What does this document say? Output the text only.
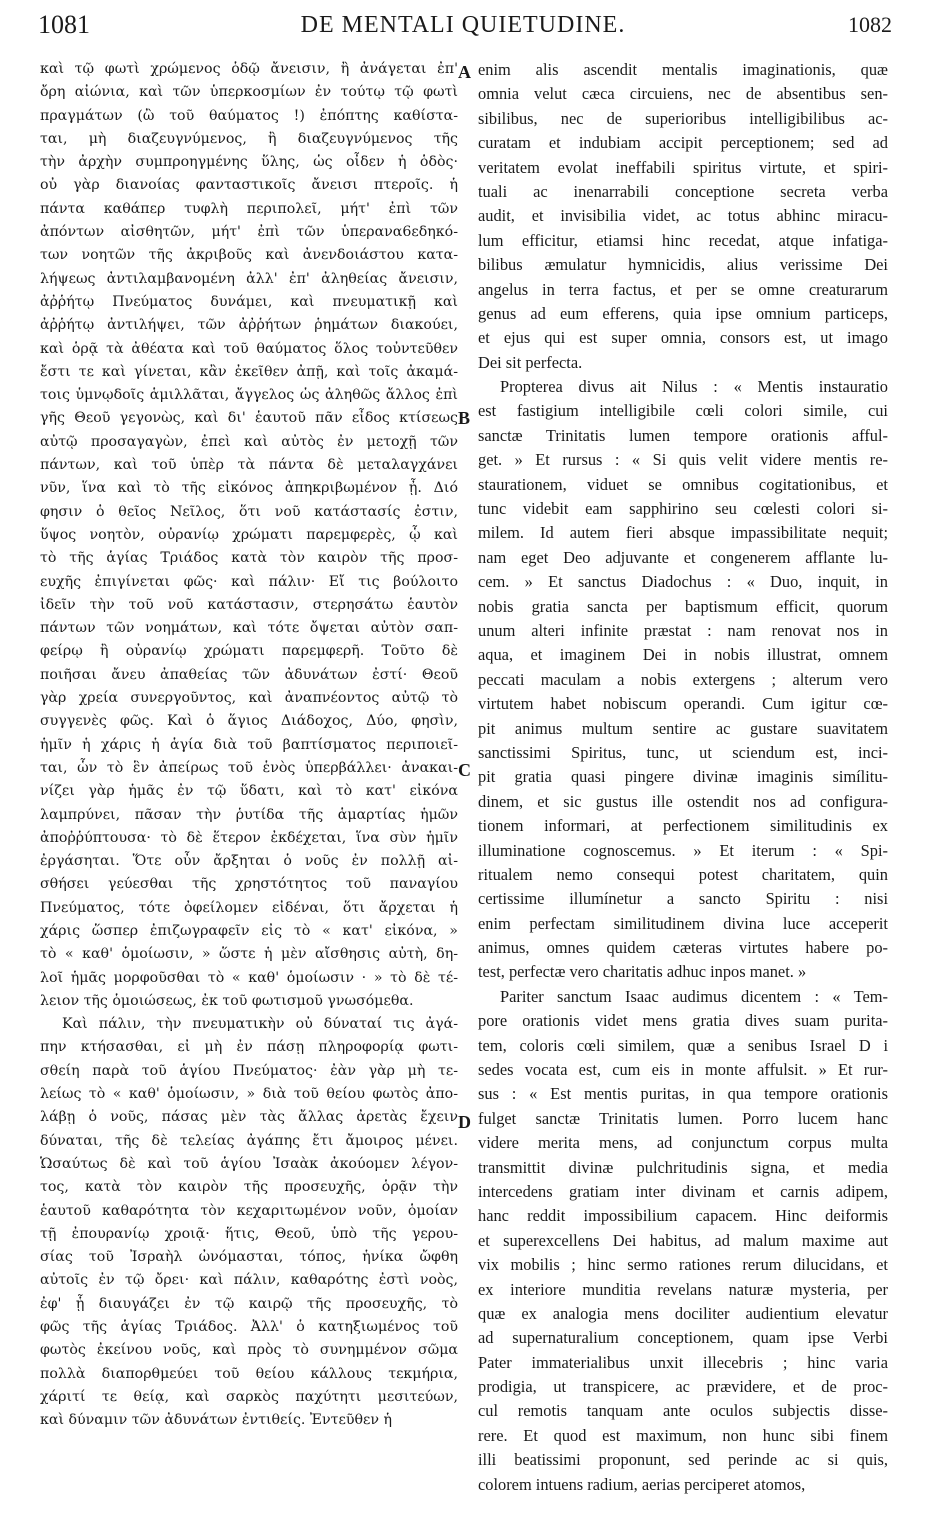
1081	DE MENTALI QUIETUDINE.	1082
καὶ τῷ φωτὶ χρώμενος ὁδῷ ἄνεισιν, ἢ ἀνάγεται ἐπ'
ὄρη αἰώνια, καὶ τῶν ὑπερκοσμίων ἐν τούτῳ τῷ φωτὶ
πραγμάτων (ὢ τοῦ θαύματος !) ἐπόπτης καθίστα-
ται, μὴ διαζευγνύμενος, ἢ διαζευγνύμενος τῆς
τὴν ἀρχὴν συμπροηγμένης ὕλης, ὡς οἶδεν ἡ ὁδὸς·
οὐ γὰρ διανοίας φανταστικοῖς ἄνεισι πτεροῖς. ἡ
πάντα καθάπερ τυφλὴ περιπολεῖ, μήτ' ἐπὶ τῶν
ἀπόντων αἰσθητῶν, μήτ' ἐπὶ τῶν ὑπερανα6εδηκό-
των νοητῶν τῆς ἀκριβοῦς καὶ ἀνενδοιάστου κατα-
λήψεως ἀντιλαμβανομένη ἀλλ' ἐπ' ἀληθείας ἄνεισιν,
ἀῤῥήτῳ Πνεύματος δυνάμει, καὶ πνευματικῇ καὶ
ἀῤῥήτῳ ἀντιλήψει, τῶν ἀῤῥήτων ῥημάτων διακούει,
καὶ ὁρᾷ τὰ ἀθέατα καὶ τοῦ θαύματος ὅλος τοὐντεῦθεν
ἔστι τε καὶ γίνεται, κἂν ἐκεῖθεν ἀπῇ, καὶ τοῖς ἀκαμά-
τοις ὑμνῳδοῖς ἁμιλλᾶται, ἄγγελος ὡς ἀληθῶς ἄλλος ἐπὶ
γῆς Θεοῦ γεγονὼς, καὶ δι' ἑαυτοῦ πᾶν εἶδος κτίσεως
αὐτῷ προσαγαγὼν, ἐπεὶ καὶ αὐτὸς ἐν μετοχῇ τῶν
πάντων, καὶ τοῦ ὑπὲρ τὰ πάντα δὲ μεταλαγχάνει
νῦν, ἵνα καὶ τὸ τῆς εἰκόνος ἀπηκριβωμένον ᾖ. Διό
φησιν ὁ θεῖος Νεῖλος, ὅτι νοῦ κατάστασίς ἐστιν,
ὕψος νοητὸν, οὐρανίῳ χρώματι παρεμφερὲς, ᾧ καὶ
τὸ τῆς ἁγίας Τριάδος κατὰ τὸν καιρὸν τῆς προσ-
ευχῆς ἐπιγίνεται φῶς· καὶ πάλιν· Εἴ τις βούλοιτο
ἰδεῖν τὴν τοῦ νοῦ κατάστασιν, στερησάτω ἑαυτὸν
πάντων τῶν νοημάτων, καὶ τότε ὄψεται αὐτὸν σαπ-
φείρῳ ἢ οὐρανίῳ χρώματι παρεμφερῆ. Τοῦτο δὲ
ποιῆσαι ἄνευ ἀπαθείας τῶν ἀδυνάτων ἐστί· Θεοῦ
γὰρ χρεία συνεργοῦντος, καὶ ἀναπνέοντος αὐτῷ τὸ
συγγενὲς φῶς. Καὶ ὁ ἅγιος Διάδοχος, Δύο, φησὶν,
ἡμῖν ἡ χάρις ἡ ἁγία διὰ τοῦ βαπτίσματος περιποιεῖ-
ται, ὧν τὸ ἓν ἀπείρως τοῦ ἑνὸς ὑπερβάλλει· ἀνακαι-
νίζει γὰρ ἡμᾶς ἐν τῷ ὕδατι, καὶ τὸ κατ' εἰκόνα
λαμπρύνει, πᾶσαν τὴν ῥυτίδα τῆς ἁμαρτίας ἡμῶν
ἀποῤῥύπτουσα· τὸ δὲ ἕτερον ἐκδέχεται, ἵνα σὺν ἡμῖν
ἐργάσηται. Ὅτε οὖν ἄρξηται ὁ νοῦς ἐν πολλῇ αἰ-
σθήσει γεύεσθαι τῆς χρηστότητος τοῦ παναγίου
Πνεύματος, τότε ὀφείλομεν εἰδέναι, ὅτι ἄρχεται ἡ
χάρις ὥσπερ ἐπιζωγραφεῖν εἰς τὸ « κατ' εἰκόνα, »
τὸ « καθ' ὁμοίωσιν, » ὥστε ἡ μὲν αἴσθησις αὐτὴ, δη-
λοῖ ἡμᾶς μορφοῦσθαι τὸ « καθ' ὁμοίωσιν · » τὸ δὲ τέ-
λειον τῆς ὁμοιώσεως, ἐκ τοῦ φωτισμοῦ γνωσόμεθα.
Καὶ πάλιν, τὴν πνευματικὴν οὐ δύναταί τις ἀγά-
πην κτήσασθαι, εἰ μὴ ἐν πάσῃ πληροφορίᾳ φωτι-
σθείη παρὰ τοῦ ἁγίου Πνεύματος· ἐὰν γὰρ μὴ τε-
λείως τὸ « καθ' ὁμοίωσιν, » διὰ τοῦ θείου φωτὸς ἀπο-
λάβῃ ὁ νοῦς, πάσας μὲν τὰς ἄλλας ἀρετὰς ἔχειν
δύναται, τῆς δὲ τελείας ἀγάπης ἔτι ἄμοιρος μένει.
Ὡσαύτως δὲ καὶ τοῦ ἁγίου Ἰσαὰκ ἀκούομεν λέγον-
τος, κατὰ τὸν καιρὸν τῆς προσευχῆς, ὁρᾷν τὴν
ἑαυτοῦ καθαρότητα τὸν κεχαριτωμένον νοῦν, ὁμοίαν
τῇ ἐπουρανίῳ χροιᾷ· ἥτις, Θεοῦ, ὑπὸ τῆς γερου-
σίας τοῦ Ἰσραὴλ ὠνόμασται, τόπος, ἡνίκα ὤφθη
αὐτοῖς ἐν τῷ ὄρει· καὶ πάλιν, καθαρότης ἐστὶ νοὸς,
ἐφ' ᾗ διαυγάζει ἐν τῷ καιρῷ τῆς προσευχῆς, τὸ
φῶς τῆς ἁγίας Τριάδος. Ἀλλ' ὁ κατηξιωμένος τοῦ
φωτὸς ἐκείνου νοῦς, καὶ πρὸς τὸ συνημμένον σῶμα
πολλὰ διαπορθμεύει τοῦ θείου κάλλους τεκμήρια,
χάριτί τε θείᾳ, καὶ σαρκὸς παχύτητι μεσιτεύων,
καὶ δύναμιν τῶν ἀδυνάτων ἐντιθείς. Ἐντεῦθεν ἡ
enim alis ascendit mentalis imaginationis, quæ
omnia velut cæca circuiens, nec de absentibus sen-
sibilibus, nec de superioribus intelligibilibus ac-
curatam et indubiam accipit perceptionem; sed ad
veritatem evolat ineffabili spiritus virtute, et spiri-
tuali ac inenarrabili conceptione secreta verba
audit, et invisibilia videt, ac totus abhinc miracu-
lum efficitur, etiamsi hinc recedat, atque infatiga-
bilibus æmulatur hymnicidis, alius verissime Dei
angelus in terra factus, et per se omne creaturarum
genus ad eum efferens, quia ipse omnium particeps,
et ejus qui est super omnia, consors est, ut imago
Dei sit perfecta.
Propterea divus ait Nilus : « Mentis instauratio
est fastigium intelligibile cœli colori simile, cui
sanctæ Trinitatis lumen tempore orationis afful-
get. » Et rursus : « Si quis velit videre mentis re-
staurationem, viduet se omnibus cogitationibus, et
tunc videbit eam sapphirino seu cœlesti colori si-
milem. Id autem fieri absque impassibilitate nequit;
nam eget Deo adjuvante et congenerem afflante lu-
cem. » Et sanctus Diadochus : « Duo, inquit, in
nobis gratia sancta per baptismum efficit, quorum
unum alteri infinite præstat : nam renovat nos in
aqua, et imaginem Dei in nobis illustrat, omnem
peccati maculam a nobis extergens ; alterum vero
virtutem habet nobiscum operandi. Cum igitur cœ-
pit animus multum sentire ac gustare suavitatem
sanctissimi Spiritus, tunc, ut sciendum est, inci-
pit gratia quasi pingere divinæ imaginis simílitu-
dinem, et sic gustus ille ostendit nos ad configura-
tionem informari, at perfectionem similitudinis ex
illuminatione cognoscemus. » Et iterum : « Spi-
ritualem nemo consequi potest charitatem, quin
certissime illumínetur a sancto Spiritu : nisi
enim perfectam similitudinem divina luce acceperit
animus, omnes quidem cæteras virtutes habere po-
test, perfectæ vero charitatis adhuc inpos manet. »
Pariter sanctum Isaac audimus dicentem : « Tem-
pore orationis videt mens gratia dives suam purita-
tem, coloris cœli similem, quæ a senibus Israel D i
sedes vocata est, cum eis in monte affulsit. » Et rur-
sus : « Est mentis puritas, in qua tempore orationis
fulget sanctæ Trinitatis lumen. Porro lucem hanc
videre merita mens, ad conjunctum corpus multa
transmittit divinæ pulchritudinis signa, et media
intercedens gratiam inter divinam et carnis adipem,
hanc reddit impossibilium capacem. Hinc deiformis
et superexcellens Dei habitus, ad malum maxime aut
vix mobilis ; hinc sermo rationes rerum dilucidans, et
ex interiore munditia revelans naturæ mysteria, per
quæ ex analogia mens dociliter audientium elevatur
ad supernaturalium conceptionem, quam ipse Verbi
Pater immaterialibus unxit illecebris ; hinc varia
prodigia, ut transpicere, ac prævidere, et de proc-
cul remotis tanquam ante oculos subjectis disse-
rere. Et quod est maximum, non hunc sibi finem
illi beatissimi proponunt, sed perinde ac si quis,
colorem intuens radium, aerias perciperet atomos,
A
B
C
D
